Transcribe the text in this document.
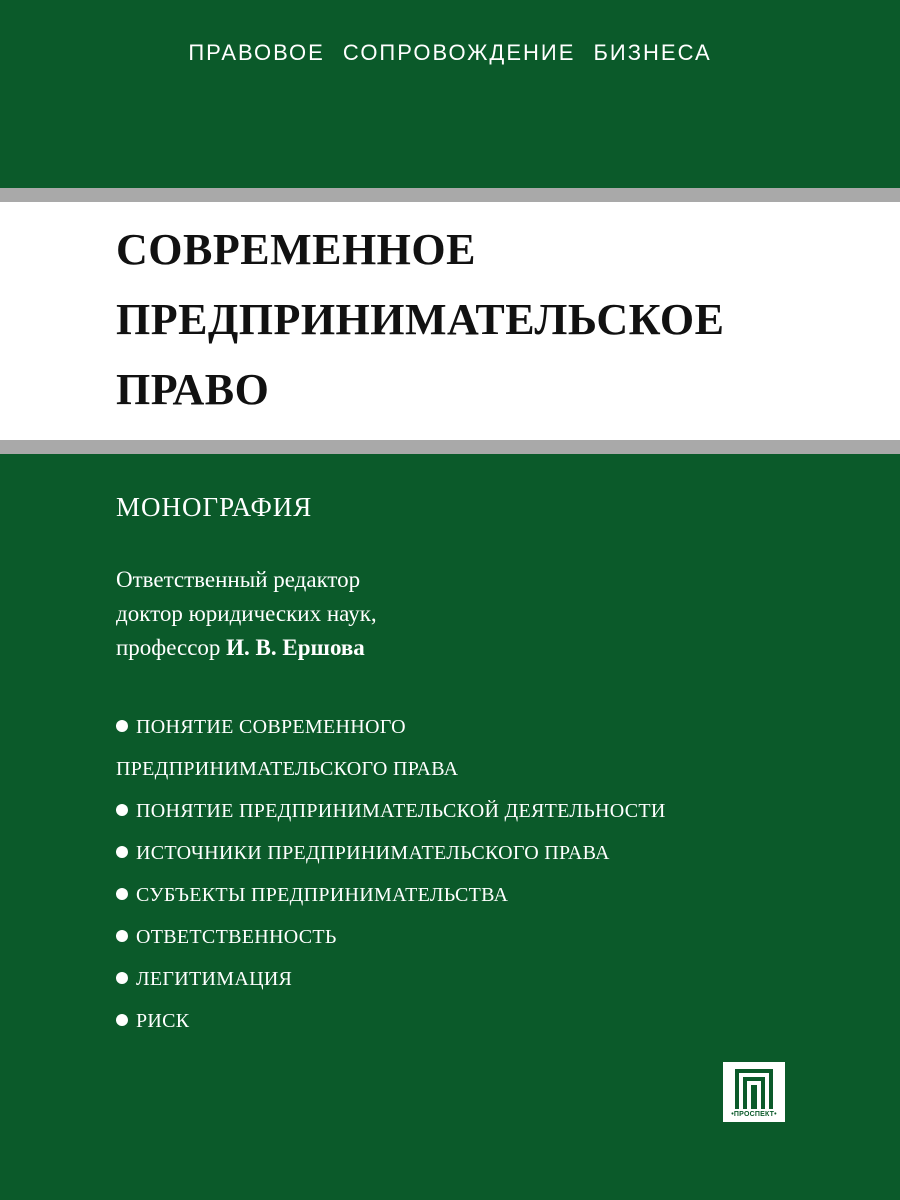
ПРАВОВОЕ СОПРОВОЖДЕНИЕ БИЗНЕСА
СОВРЕМЕННОЕ
ПРЕДПРИНИМАТЕЛЬСКОЕ
ПРАВО
МОНОГРАФИЯ
Ответственный редактор
доктор юридических наук,
профессор И. В. Ершова
ПОНЯТИЕ СОВРЕМЕННОГО
ПРЕДПРИНИМАТЕЛЬСКОГО ПРАВА
ПОНЯТИЕ ПРЕДПРИНИМАТЕЛЬСКОЙ ДЕЯТЕЛЬНОСТИ
ИСТОЧНИКИ ПРЕДПРИНИМАТЕЛЬСКОГО ПРАВА
СУБЪЕКТЫ ПРЕДПРИНИМАТЕЛЬСТВА
ОТВЕТСТВЕННОСТЬ
ЛЕГИТИМАЦИЯ
РИСК
•ПРОСПЕКТ•
